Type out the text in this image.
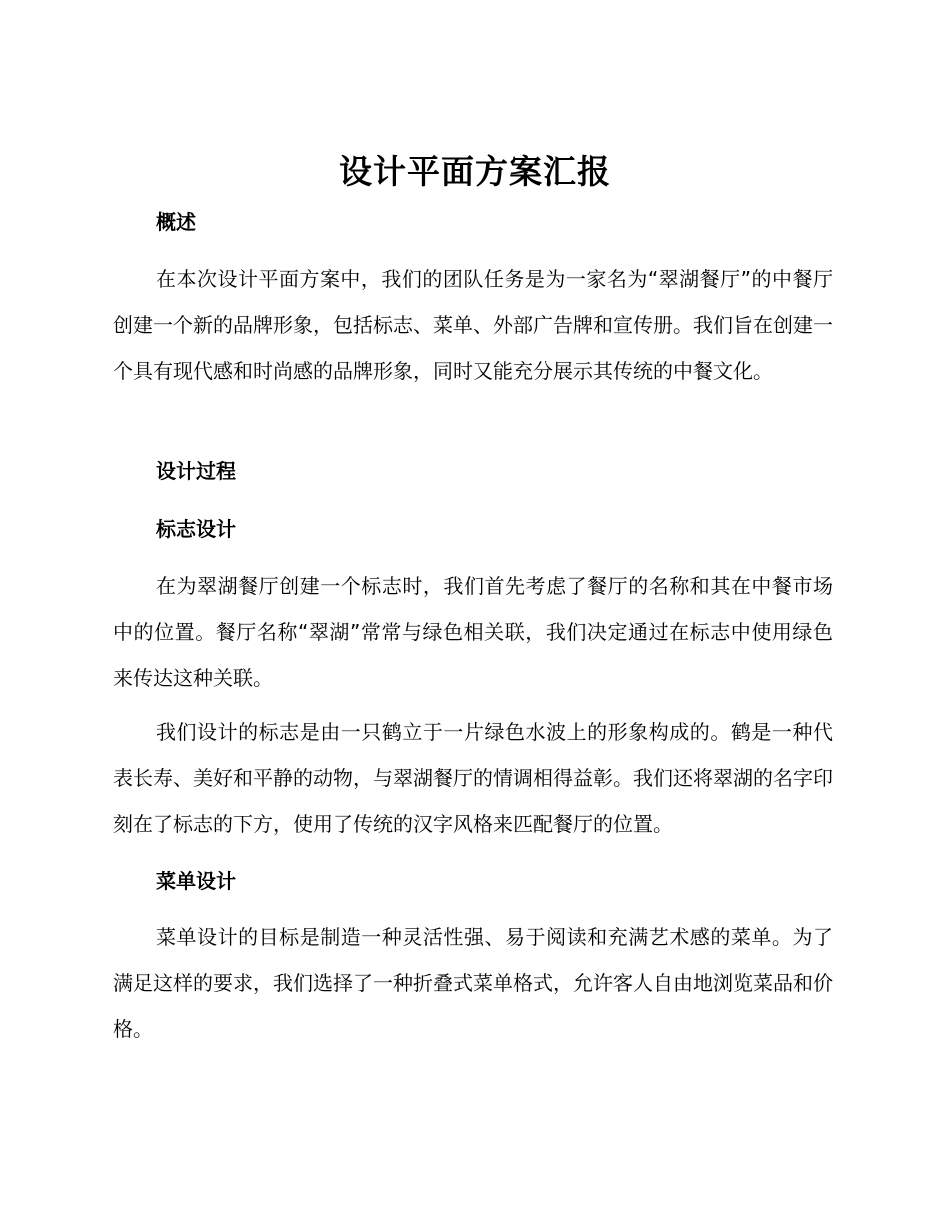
设计平面方案汇报
概述
在本次设计平面方案中，我们的团队任务是为一家名为“翠湖餐厅”的中餐厅创建一个新的品牌形象，包括标志、菜单、外部广告牌和宣传册。我们旨在创建一个具有现代感和时尚感的品牌形象，同时又能充分展示其传统的中餐文化。
设计过程
标志设计
在为翠湖餐厅创建一个标志时，我们首先考虑了餐厅的名称和其在中餐市场中的位置。餐厅名称“翠湖”常常与绿色相关联，我们决定通过在标志中使用绿色来传达这种关联。
我们设计的标志是由一只鹤立于一片绿色水波上的形象构成的。鹤是一种代表长寿、美好和平静的动物，与翠湖餐厅的情调相得益彰。我们还将翠湖的名字印刻在了标志的下方，使用了传统的汉字风格来匹配餐厅的位置。
菜单设计
菜单设计的目标是制造一种灵活性强、易于阅读和充满艺术感的菜单。为了满足这样的要求，我们选择了一种折叠式菜单格式，允许客人自由地浏览菜品和价格。
